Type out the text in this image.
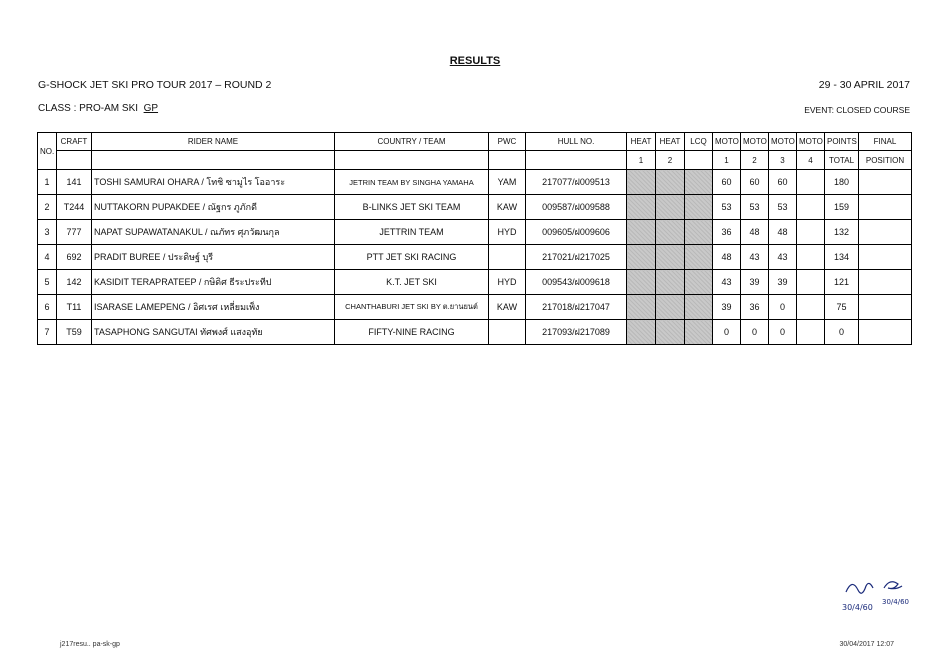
RESULTS
G-SHOCK JET SKI PRO TOUR 2017 – ROUND 2	29 - 30 APRIL 2017
CLASS : PRO-AM SKI GP	EVENT: CLOSED COURSE
NO.	CRAFT	RIDER NAME	COUNTRY / TEAM	PWC	HULL NO.	HEAT	HEAT	LCQ	MOTO	MOTO	MOTO	MOTO	POINTS	FINAL
						1	2		1	2	3	4	TOTAL	POSITION
1	141	TOSHI SAMURAI OHARA / โทชิ ซามูไร โออาระ	JETRIN TEAM BY SINGHA YAMAHA	YAM	217077/ฝ009513				60	60	60		180	
2	T244	NUTTAKORN PUPAKDEE / ณัฐกร ภูภักดี	B-LINKS JET SKI TEAM	KAW	009587/ฝ009588				53	53	53		159	
3	777	NAPAT SUPAWATANAKUL / ณภัทร ศุภวัฒนกุล	JETTRIN TEAM	HYD	009605/ฝ009606				36	48	48		132	
4	692	PRADIT BUREE / ประดิษฐ์ บุรี	PTT JET SKI RACING		217021/ฝ217025				48	43	43		134	
5	142	KASIDIT TERAPRATEEP / กษิดิศ ธีระประทีป	K.T. JET SKI	HYD	009543/ฝ009618				43	39	39		121	
6	T11	ISARASE LAMEPENG / อิศเรศ เหลี่ยมเพ็ง	CHANTHABURI JET SKI BY ต.ยานยนต์	KAW	217018/ฝ217047				39	36	0		75	
7	T59	TASAPHONG SANGUTAI ทัศพงศ์ แสงอุทัย	FIFTY-NINE RACING		217093/ฝ217089				0	0	0		0	
30/4/60
30/4/60
j217resu.. pa-sk-gp	30/04/2017 12:07
